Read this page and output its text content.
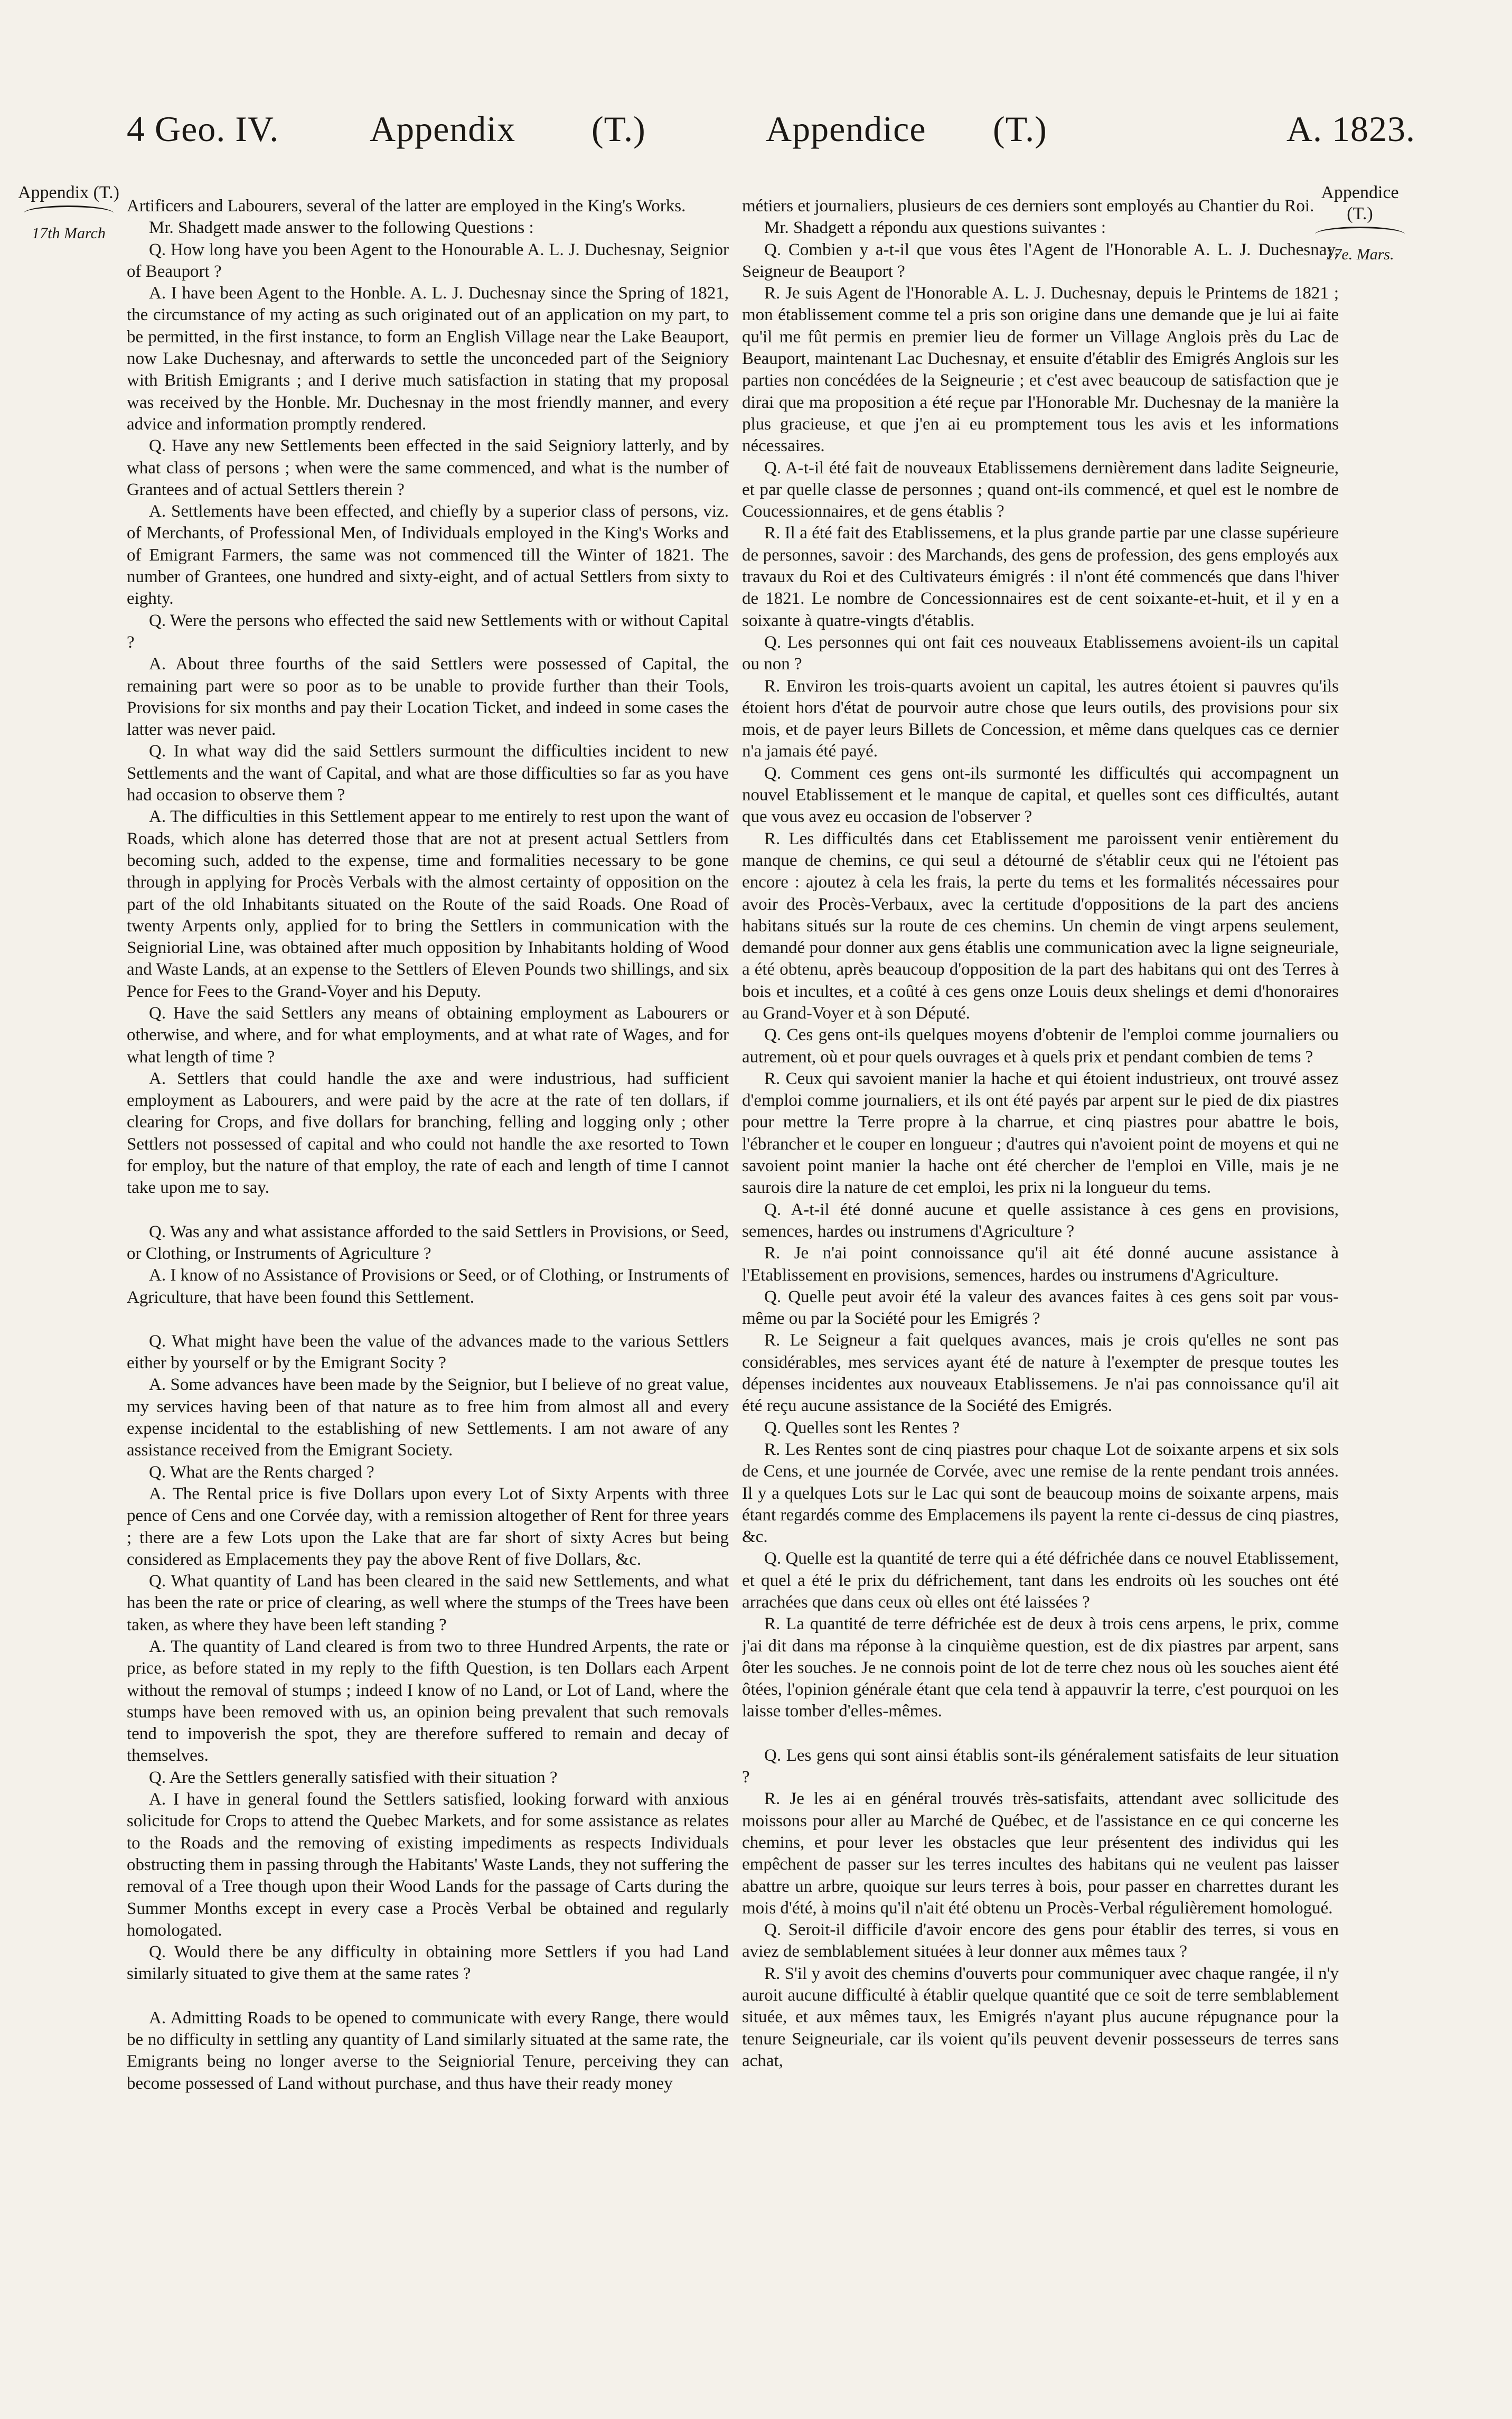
4 Geo. IV.	Appendix (T.)	Appendice (T.)	A. 1823.
Appendix (T.)
17th March
Appendice (T.)
17e. Mars.

Artificers and Labourers, several of the latter are employed in the King's Works.

Mr. Shadgett made answer to the following Questions :

Q. How long have you been Agent to the Honourable A. L. J. Duchesnay, Seignior of Beauport ?

A. I have been Agent to the Honble. A. L. J. Duchesnay since the Spring of 1821, the circumstance of my acting as such originated out of an application on my part, to be permitted, in the first instance, to form an English Village near the Lake Beauport, now Lake Duchesnay, and afterwards to settle the unconceded part of the Seigniory with British Emigrants ; and I derive much satisfaction in stating that my proposal was received by the Honble. Mr. Duchesnay in the most friendly manner, and every advice and information promptly rendered.

Q. Have any new Settlements been effected in the said Seigniory latterly, and by what class of persons ; when were the same commenced, and what is the number of Grantees and of actual Settlers therein ?

A. Settlements have been effected, and chiefly by a superior class of persons, viz. of Merchants, of Professional Men, of Individuals employed in the King's Works and of Emigrant Farmers, the same was not commenced till the Winter of 1821. The number of Grantees, one hundred and sixty-eight, and of actual Settlers from sixty to eighty.

Q. Were the persons who effected the said new Settlements with or without Capital ?

A. About three fourths of the said Settlers were possessed of Capital, the remaining part were so poor as to be unable to provide further than their Tools, Provisions for six months and pay their Location Ticket, and indeed in some cases the latter was never paid.

Q. In what way did the said Settlers surmount the difficulties incident to new Settlements and the want of Capital, and what are those difficulties so far as you have had occasion to observe them ?

A. The difficulties in this Settlement appear to me entirely to rest upon the want of Roads, which alone has deterred those that are not at present actual Settlers from becoming such, added to the expense, time and formalities necessary to be gone through in applying for Procès Verbals with the almost certainty of opposition on the part of the old Inhabitants situated on the Route of the said Roads. One Road of twenty Arpents only, applied for to bring the Settlers in communication with the Seigniorial Line, was obtained after much opposition by Inhabitants holding of Wood and Waste Lands, at an expense to the Settlers of Eleven Pounds two shillings, and six Pence for Fees to the Grand-Voyer and his Deputy.

Q. Have the said Settlers any means of obtaining employment as Labourers or otherwise, and where, and for what employments, and at what rate of Wages, and for what length of time ?

A. Settlers that could handle the axe and were industrious, had sufficient employment as Labourers, and were paid by the acre at the rate of ten dollars, if clearing for Crops, and five dollars for branching, felling and logging only ; other Settlers not possessed of capital and who could not handle the axe resorted to Town for employ, but the nature of that employ, the rate of each and length of time I cannot take upon me to say.

Q. Was any and what assistance afforded to the said Settlers in Provisions, or Seed, or Clothing, or Instruments of Agriculture ?

A. I know of no Assistance of Provisions or Seed, or of Clothing, or Instruments of Agriculture, that have been found this Settlement.

Q. What might have been the value of the advances made to the various Settlers either by yourself or by the Emigrant Socity ?

A. Some advances have been made by the Seignior, but I believe of no great value, my services having been of that nature as to free him from almost all and every expense incidental to the establishing of new Settlements. I am not aware of any assistance received from the Emigrant Society.

Q. What are the Rents charged ?

A. The Rental price is five Dollars upon every Lot of Sixty Arpents with three pence of Cens and one Corvée day, with a remission altogether of Rent for three years ; there are a few Lots upon the Lake that are far short of sixty Acres but being considered as Emplacements they pay the above Rent of five Dollars, &c.

Q. What quantity of Land has been cleared in the said new Settlements, and what has been the rate or price of clearing, as well where the stumps of the Trees have been taken, as where they have been left standing ?

A. The quantity of Land cleared is from two to three Hundred Arpents, the rate or price, as before stated in my reply to the fifth Question, is ten Dollars each Arpent without the removal of stumps ; indeed I know of no Land, or Lot of Land, where the stumps have been removed with us, an opinion being prevalent that such removals tend to impoverish the spot, they are therefore suffered to remain and decay of themselves.

Q. Are the Settlers generally satisfied with their situation ?

A. I have in general found the Settlers satisfied, looking forward with anxious solicitude for Crops to attend the Quebec Markets, and for some assistance as relates to the Roads and the removing of existing impediments as respects Individuals obstructing them in passing through the Habitants' Waste Lands, they not suffering the removal of a Tree though upon their Wood Lands for the passage of Carts during the Summer Months except in every case a Procès Verbal be obtained and regularly homologated.

Q. Would there be any difficulty in obtaining more Settlers if you had Land similarly situated to give them at the same rates ?

A. Admitting Roads to be opened to communicate with every Range, there would be no difficulty in settling any quantity of Land similarly situated at the same rate, the Emigrants being no longer averse to the Seigniorial Tenure, perceiving they can become possessed of Land without purchase, and thus have their ready money

métiers et journaliers, plusieurs de ces derniers sont employés au Chantier du Roi.

Mr. Shadgett a répondu aux questions suivantes :

Q. Combien y a-t-il que vous êtes l'Agent de l'Honorable A. L. J. Duchesnay, Seigneur de Beauport ?

R. Je suis Agent de l'Honorable A. L. J. Duchesnay, depuis le Printems de 1821 ; mon établissement comme tel a pris son origine dans une demande que je lui ai faite qu'il me fût permis en premier lieu de former un Village Anglois près du Lac de Beauport, maintenant Lac Duchesnay, et ensuite d'établir des Emigrés Anglois sur les parties non concédées de la Seigneurie ; et c'est avec beaucoup de satisfaction que je dirai que ma proposition a été reçue par l'Honorable Mr. Duchesnay de la manière la plus gracieuse, et que j'en ai eu promptement tous les avis et les informations nécessaires.

Q. A-t-il été fait de nouveaux Etablissemens dernièrement dans ladite Seigneurie, et par quelle classe de personnes ; quand ont-ils commencé, et quel est le nombre de Coucessionnaires, et de gens établis ?

R. Il a été fait des Etablissemens, et la plus grande partie par une classe supérieure de personnes, savoir : des Marchands, des gens de profession, des gens employés aux travaux du Roi et des Cultivateurs émigrés : il n'ont été commencés que dans l'hiver de 1821. Le nombre de Concessionnaires est de cent soixante-et-huit, et il y en a soixante à quatre-vingts d'établis.

Q. Les personnes qui ont fait ces nouveaux Etablissemens avoient-ils un capital ou non ?

R. Environ les trois-quarts avoient un capital, les autres étoient si pauvres qu'ils étoient hors d'état de pourvoir autre chose que leurs outils, des provisions pour six mois, et de payer leurs Billets de Concession, et même dans quelques cas ce dernier n'a jamais été payé.

Q. Comment ces gens ont-ils surmonté les difficultés qui accompagnent un nouvel Etablissement et le manque de capital, et quelles sont ces difficultés, autant que vous avez eu occasion de l'observer ?

R. Les difficultés dans cet Etablissement me paroissent venir entièrement du manque de chemins, ce qui seul a détourné de s'établir ceux qui ne l'étoient pas encore : ajoutez à cela les frais, la perte du tems et les formalités nécessaires pour avoir des Procès-Verbaux, avec la certitude d'oppositions de la part des anciens habitans situés sur la route de ces chemins. Un chemin de vingt arpens seulement, demandé pour donner aux gens établis une communication avec la ligne seigneuriale, a été obtenu, après beaucoup d'opposition de la part des habitans qui ont des Terres à bois et incultes, et a coûté à ces gens onze Louis deux shelings et demi d'honoraires au Grand-Voyer et à son Député.

Q. Ces gens ont-ils quelques moyens d'obtenir de l'emploi comme journaliers ou autrement, où et pour quels ouvrages et à quels prix et pendant combien de tems ?

R. Ceux qui savoient manier la hache et qui étoient industrieux, ont trouvé assez d'emploi comme journaliers, et ils ont été payés par arpent sur le pied de dix piastres pour mettre la Terre propre à la charrue, et cinq piastres pour abattre le bois, l'ébrancher et le couper en longueur ; d'autres qui n'avoient point de moyens et qui ne savoient point manier la hache ont été chercher de l'emploi en Ville, mais je ne saurois dire la nature de cet emploi, les prix ni la longueur du tems.

Q. A-t-il été donné aucune et quelle assistance à ces gens en provisions, semences, hardes ou instrumens d'Agriculture ?

R. Je n'ai point connoissance qu'il ait été donné aucune assistance à l'Etablissement en provisions, semences, hardes ou instrumens d'Agriculture.

Q. Quelle peut avoir été la valeur des avances faites à ces gens soit par vous-même ou par la Société pour les Emigrés ?

R. Le Seigneur a fait quelques avances, mais je crois qu'elles ne sont pas considérables, mes services ayant été de nature à l'exempter de presque toutes les dépenses incidentes aux nouveaux Etablissemens. Je n'ai pas connoissance qu'il ait été reçu aucune assistance de la Société des Emigrés.

Q. Quelles sont les Rentes ?

R. Les Rentes sont de cinq piastres pour chaque Lot de soixante arpens et six sols de Cens, et une journée de Corvée, avec une remise de la rente pendant trois années. Il y a quelques Lots sur le Lac qui sont de beaucoup moins de soixante arpens, mais étant regardés comme des Emplacemens ils payent la rente ci-dessus de cinq piastres, &c.

Q. Quelle est la quantité de terre qui a été défrichée dans ce nouvel Etablissement, et quel a été le prix du défrichement, tant dans les endroits où les souches ont été arrachées que dans ceux où elles ont été laissées ?

R. La quantité de terre défrichée est de deux à trois cens arpens, le prix, comme j'ai dit dans ma réponse à la cinquième question, est de dix piastres par arpent, sans ôter les souches. Je ne connois point de lot de terre chez nous où les souches aient été ôtées, l'opinion générale étant que cela tend à appauvrir la terre, c'est pourquoi on les laisse tomber d'elles-mêmes.

Q. Les gens qui sont ainsi établis sont-ils généralement satisfaits de leur situation ?

R. Je les ai en général trouvés très-satisfaits, attendant avec sollicitude des moissons pour aller au Marché de Québec, et de l'assistance en ce qui concerne les chemins, et pour lever les obstacles que leur présentent des individus qui les empêchent de passer sur les terres incultes des habitans qui ne veulent pas laisser abattre un arbre, quoique sur leurs terres à bois, pour passer en charrettes durant les mois d'été, à moins qu'il n'ait été obtenu un Procès-Verbal régulièrement homologué.

Q. Seroit-il difficile d'avoir encore des gens pour établir des terres, si vous en aviez de semblablement situées à leur donner aux mêmes taux ?

R. S'il y avoit des chemins d'ouverts pour communiquer avec chaque rangée, il n'y auroit aucune difficulté à établir quelque quantité que ce soit de terre semblablement située, et aux mêmes taux, les Emigrés n'ayant plus aucune répugnance pour la tenure Seigneuriale, car ils voient qu'ils peuvent devenir possesseurs de terres sans achat,
